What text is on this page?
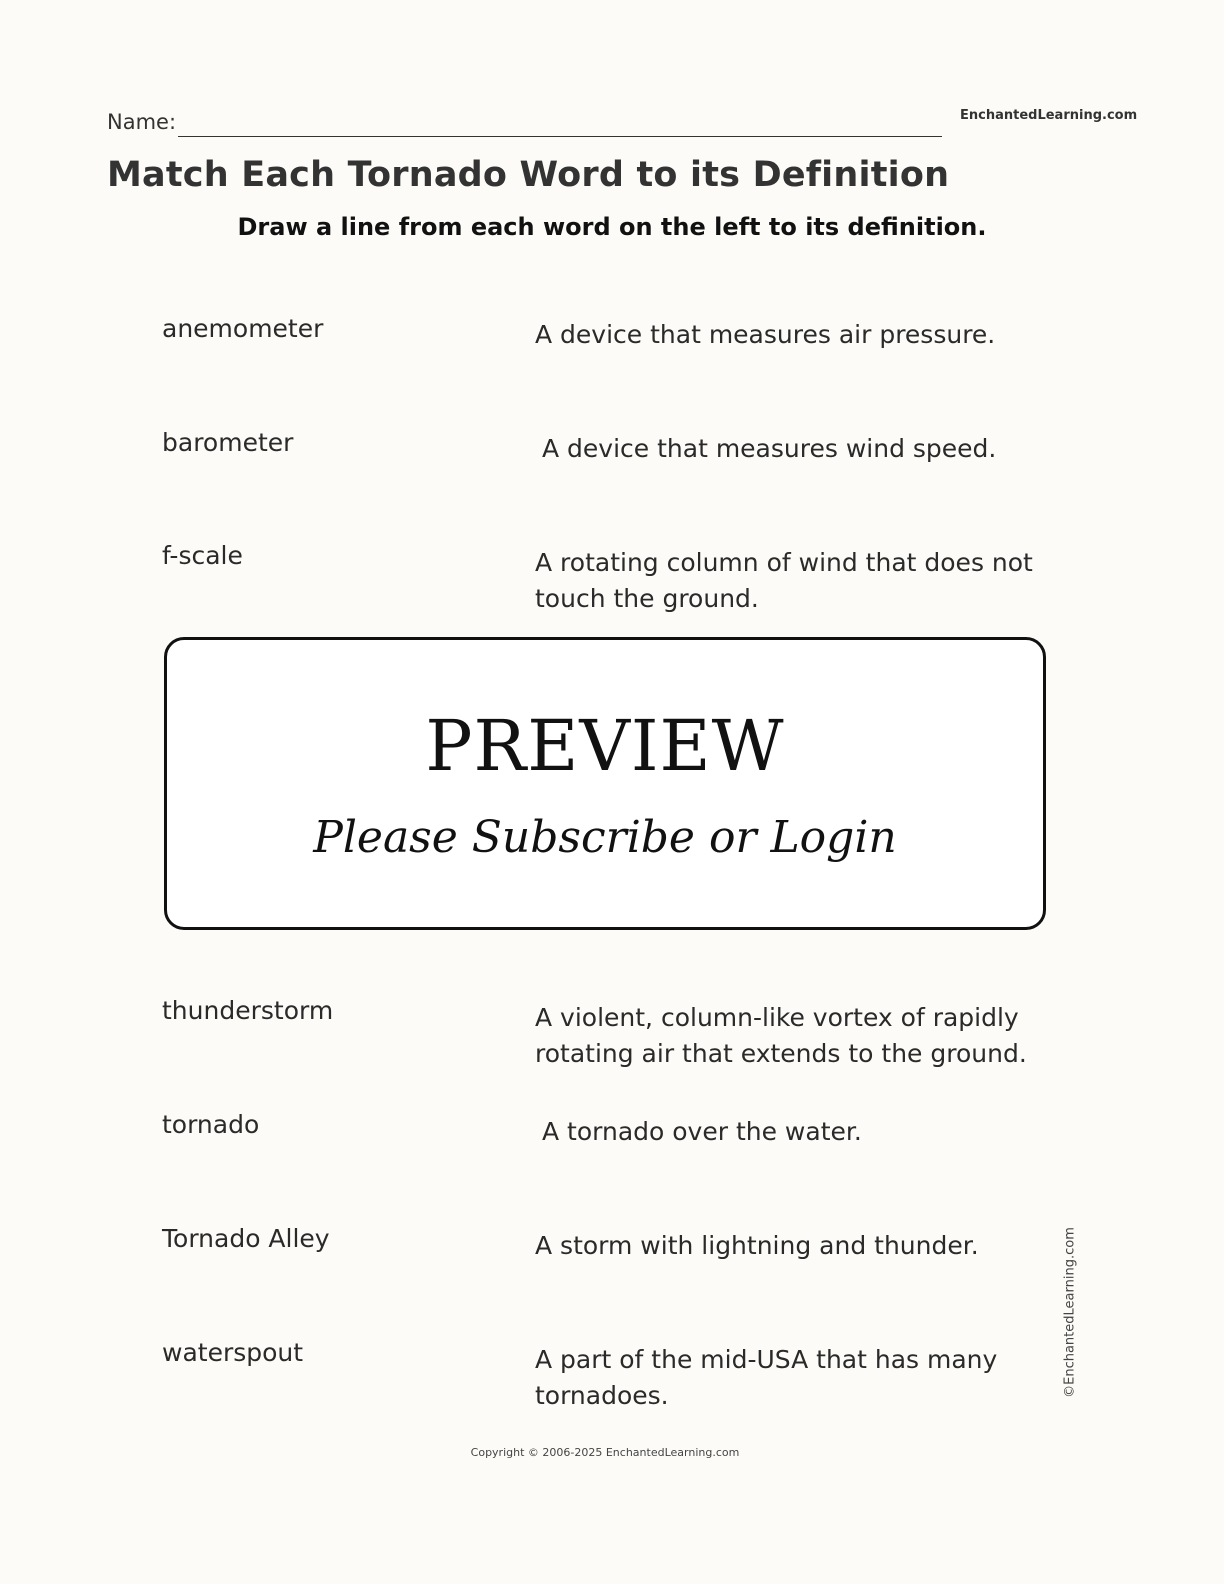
Name:	EnchantedLearning.com
Match Each Tornado Word to its Definition
Draw a line from each word on the left to its definition.
anemometer
barometer
f-scale
thunderstorm
tornado
Tornado Alley
waterspout
A device that measures air pressure.
A device that measures wind speed.
A rotating column of wind that does not touch the ground.
A violent, column-like vortex of rapidly rotating air that extends to the ground.
A tornado over the water.
A storm with lightning and thunder.
A part of the mid-USA that has many tornadoes.
PREVIEW
Please Subscribe or Login
©EnchantedLearning.com
Copyright © 2006-2025 EnchantedLearning.com
